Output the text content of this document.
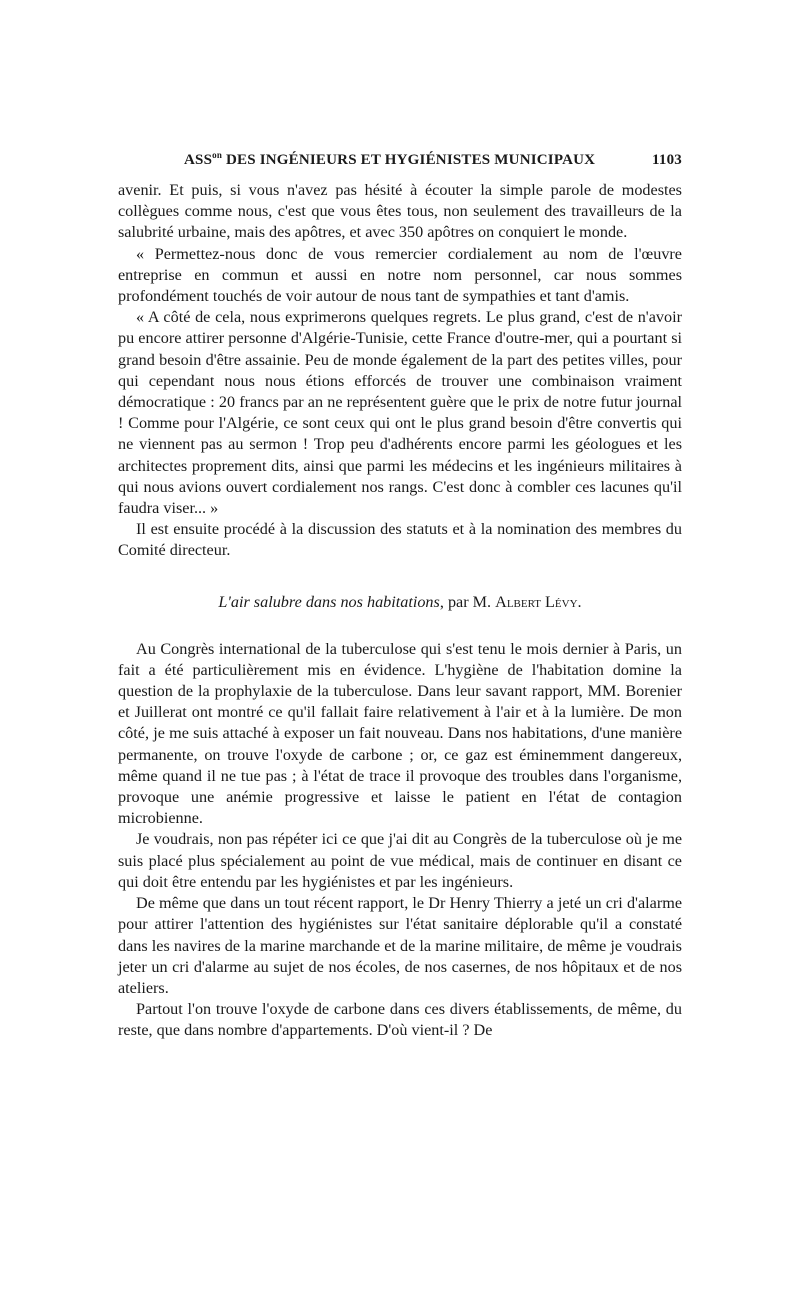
$ASS^{on}$ DES INGÉNIEURS ET HYGIÉNISTES MUNICIPAUX	1103

avenir. Et puis, si vous n'avez pas hésité à écouter la simple parole de modestes collègues comme nous, c'est que vous êtes tous, non seulement des travailleurs de la salubrité urbaine, mais des apôtres, et avec 350 apôtres on conquiert le monde.

« Permettez-nous donc de vous remercier cordialement au nom de l'œuvre entreprise en commun et aussi en notre nom personnel, car nous sommes profondément touchés de voir autour de nous tant de sympathies et tant d'amis.

« A côté de cela, nous exprimerons quelques regrets. Le plus grand, c'est de n'avoir pu encore attirer personne d'Algérie-Tunisie, cette France d'outre-mer, qui a pourtant si grand besoin d'être assainie. Peu de monde également de la part des petites villes, pour qui cependant nous nous étions efforcés de trouver une combinaison vraiment démocratique : 20 francs par an ne représentent guère que le prix de notre futur journal ! Comme pour l'Algérie, ce sont ceux qui ont le plus grand besoin d'être convertis qui ne viennent pas au sermon ! Trop peu d'adhérents encore parmi les géologues et les architectes proprement dits, ainsi que parmi les médecins et les ingénieurs militaires à qui nous avions ouvert cordialement nos rangs. C'est donc à combler ces lacunes qu'il faudra viser... »

Il est ensuite procédé à la discussion des statuts et à la nomination des membres du Comité directeur.

L'air salubre dans nos habitations, par M. Albert Lévy.

Au Congrès international de la tuberculose qui s'est tenu le mois dernier à Paris, un fait a été particulièrement mis en évidence. L'hygiène de l'habitation domine la question de la prophylaxie de la tuberculose. Dans leur savant rapport, MM. Borenier et Juillerat ont montré ce qu'il fallait faire relativement à l'air et à la lumière. De mon côté, je me suis attaché à exposer un fait nouveau. Dans nos habitations, d'une manière permanente, on trouve l'oxyde de carbone ; or, ce gaz est éminemment dangereux, même quand il ne tue pas ; à l'état de trace il provoque des troubles dans l'organisme, provoque une anémie progressive et laisse le patient en l'état de contagion microbienne.

Je voudrais, non pas répéter ici ce que j'ai dit au Congrès de la tuberculose où je me suis placé plus spécialement au point de vue médical, mais de continuer en disant ce qui doit être entendu par les hygiénistes et par les ingénieurs.

De même que dans un tout récent rapport, le Dr Henry Thierry a jeté un cri d'alarme pour attirer l'attention des hygiénistes sur l'état sanitaire déplorable qu'il a constaté dans les navires de la marine marchande et de la marine militaire, de même je voudrais jeter un cri d'alarme au sujet de nos écoles, de nos casernes, de nos hôpitaux et de nos ateliers.

Partout l'on trouve l'oxyde de carbone dans ces divers établissements, de même, du reste, que dans nombre d'appartements. D'où vient-il ? De
